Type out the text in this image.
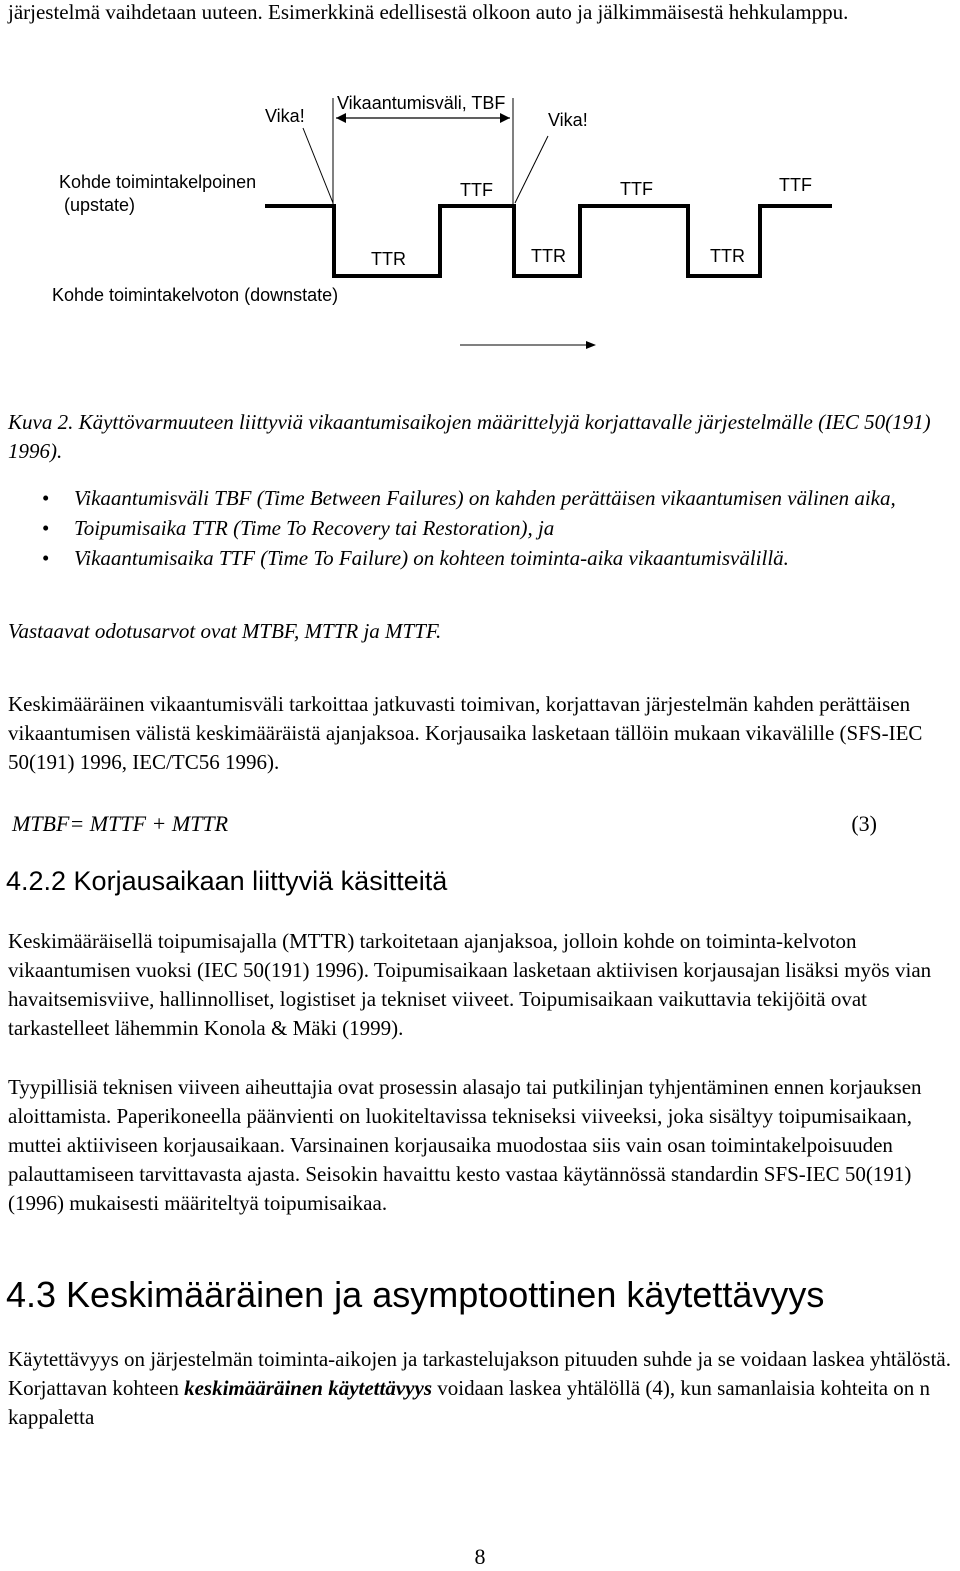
järjestelmä vaihdetaan uuteen. Esimerkkinä edellisestä olkoon auto ja jälkimmäisestä hehkulamppu.
Vika!	Vika!
Vikaantumisväli, TBF
Kohde toimintakelpoinen
(upstate)
Kohde toimintakelvoton (downstate)
TTF	TTF	TTF
TTR	TTR	TTR
Kuva 2. Käyttövarmuuteen liittyviä vikaantumisaikojen määrittelyjä korjattavalle järjestelmälle (IEC 50(191) 1996).
• Vikaantumisväli TBF (Time Between Failures) on kahden perättäisen vikaantumisen välinen aika,
• Toipumisaika TTR (Time To Recovery tai Restoration), ja
• Vikaantumisaika TTF (Time To Failure) on kohteen toiminta-aika vikaantumisvälillä.
Vastaavat odotusarvot ovat MTBF, MTTR ja MTTF.
Keskimääräinen vikaantumisväli tarkoittaa jatkuvasti toimivan, korjattavan järjestelmän kahden perättäisen vikaantumisen välistä keskimääräistä ajanjaksoa. Korjausaika lasketaan tällöin mukaan vikavälille (SFS-IEC 50(191) 1996, IEC/TC56 1996).
MTBF= MTTF + MTTR	(3)
4.2.2 Korjausaikaan liittyviä käsitteitä
Keskimääräisellä toipumisajalla (MTTR) tarkoitetaan ajanjaksoa, jolloin kohde on toiminta-kelvoton vikaantumisen vuoksi (IEC 50(191) 1996). Toipumisaikaan lasketaan aktiivisen korjausajan lisäksi myös vian havaitsemisviive, hallinnolliset, logistiset ja tekniset viiveet. Toipumisaikaan vaikuttavia tekijöitä ovat tarkastelleet lähemmin Konola & Mäki (1999).
Tyypillisiä teknisen viiveen aiheuttajia ovat prosessin alasajo tai putkilinjan tyhjentäminen ennen korjauksen aloittamista. Paperikoneella päänvienti on luokiteltavissa tekniseksi viiveeksi, joka sisältyy toipumisaikaan, muttei aktiiviseen korjausaikaan. Varsinainen korjausaika muodostaa siis vain osan toimintakelpoisuuden palauttamiseen tarvittavasta ajasta. Seisokin havaittu kesto vastaa käytännössä standardin SFS-IEC 50(191) (1996) mukaisesti määriteltyä toipumisaikaa.
4.3 Keskimääräinen ja asymptoottinen käytettävyys
Käytettävyys on järjestelmän toiminta-aikojen ja tarkastelujakson pituuden suhde ja se voidaan laskea yhtälöstä. Korjattavan kohteen keskimääräinen käytettävyys voidaan laskea yhtälöllä (4), kun samanlaisia kohteita on n kappaletta
8
